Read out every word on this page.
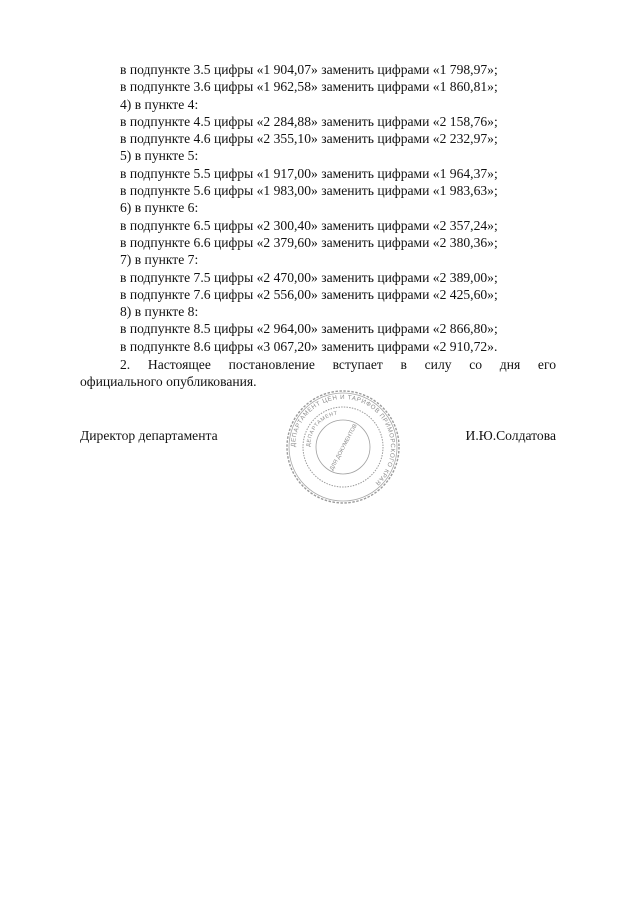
в подпункте 3.5 цифры «1 904,07» заменить цифрами «1 798,97»;
в подпункте 3.6 цифры «1 962,58» заменить цифрами «1 860,81»;
4) в пункте 4:
в подпункте 4.5 цифры «2 284,88» заменить цифрами «2 158,76»;
в подпункте 4.6 цифры «2 355,10» заменить цифрами «2 232,97»;
5) в пункте 5:
в подпункте 5.5 цифры «1 917,00» заменить цифрами «1 964,37»;
в подпункте 5.6 цифры «1 983,00» заменить цифрами «1 983,63»;
6) в пункте 6:
в подпункте 6.5 цифры «2 300,40» заменить цифрами «2 357,24»;
в подпункте 6.6 цифры «2 379,60» заменить цифрами «2 380,36»;
7) в пункте 7:
в подпункте 7.5 цифры «2 470,00» заменить цифрами «2 389,00»;
в подпункте 7.6 цифры «2 556,00» заменить цифрами «2 425,60»;
8) в пункте 8:
в подпункте 8.5 цифры «2 964,00» заменить цифрами «2 866,80»;
в подпункте 8.6 цифры «3 067,20» заменить цифрами «2 910,72».
2. Настоящее постановление вступает в силу со дня его
официального опубликования.
Директор департамента	И.Ю.Солдатова
ДЕПАРТАМЕНТ ЦЕН И ТАРИФОВ ПРИМОРСКОГО КРАЯ
ДЕПАРТАМЕНТ
ДЛЯ ДОКУМЕНТОВ
